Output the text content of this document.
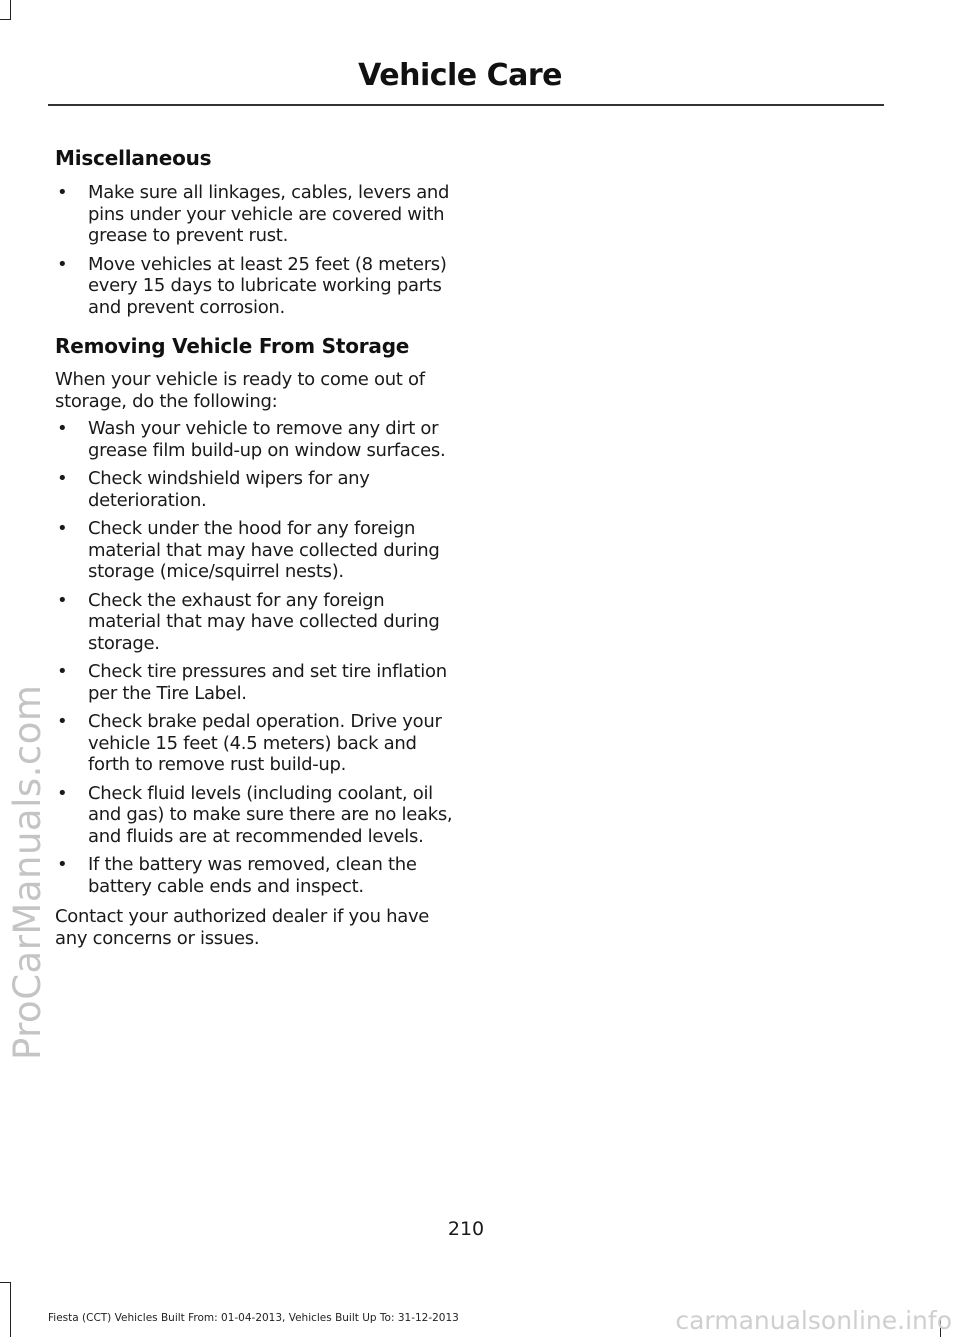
Vehicle Care
Miscellaneous
• Make sure all linkages, cables, levers and pins under your vehicle are covered with grease to prevent rust.
• Move vehicles at least 25 feet (8 meters) every 15 days to lubricate working parts and prevent corrosion.
Removing Vehicle From Storage

When your vehicle is ready to come out of storage, do the following:

• Wash your vehicle to remove any dirt or grease film build-up on window surfaces.
• Check windshield wipers for any deterioration.
• Check under the hood for any foreign material that may have collected during storage (mice/squirrel nests).
• Check the exhaust for any foreign material that may have collected during storage.
• Check tire pressures and set tire inflation per the Tire Label.
• Check brake pedal operation. Drive your vehicle 15 feet (4.5 meters) back and forth to remove rust build-up.
• Check fluid levels (including coolant, oil and gas) to make sure there are no leaks, and fluids are at recommended levels.
• If the battery was removed, clean the battery cable ends and inspect.

Contact your authorized dealer if you have any concerns or issues.

210
Fiesta (CCT) Vehicles Built From: 01-04-2013, Vehicles Built Up To: 31-12-2013
ProCarManuals.com
carmanualsonline.info
